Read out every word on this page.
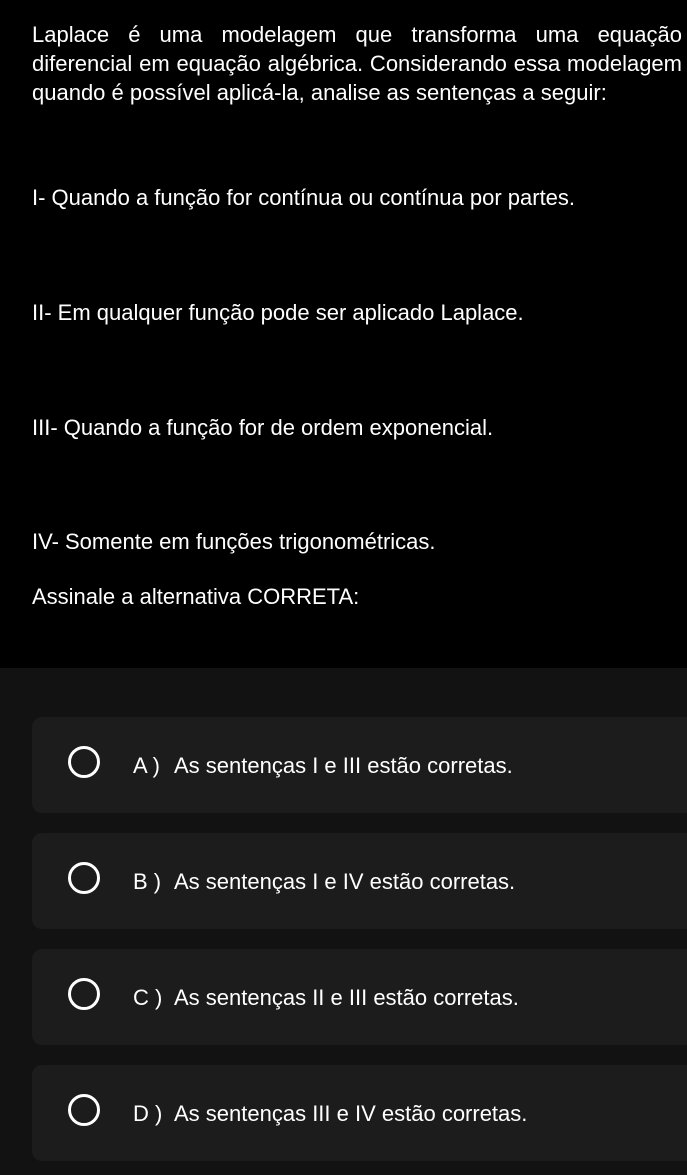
Laplace é uma modelagem que transforma uma equação diferencial em equação algébrica. Considerando essa modelagem quando é possível aplicá-la, analise as sentenças a seguir:

I- Quando a função for contínua ou contínua por partes.

II- Em qualquer função pode ser aplicado Laplace.

III- Quando a função for de ordem exponencial.

IV- Somente em funções trigonométricas.

Assinale a alternativa CORRETA:

A ) As sentenças I e III estão corretas.
B ) As sentenças I e IV estão corretas.
C ) As sentenças II e III estão corretas.
D ) As sentenças III e IV estão corretas.
